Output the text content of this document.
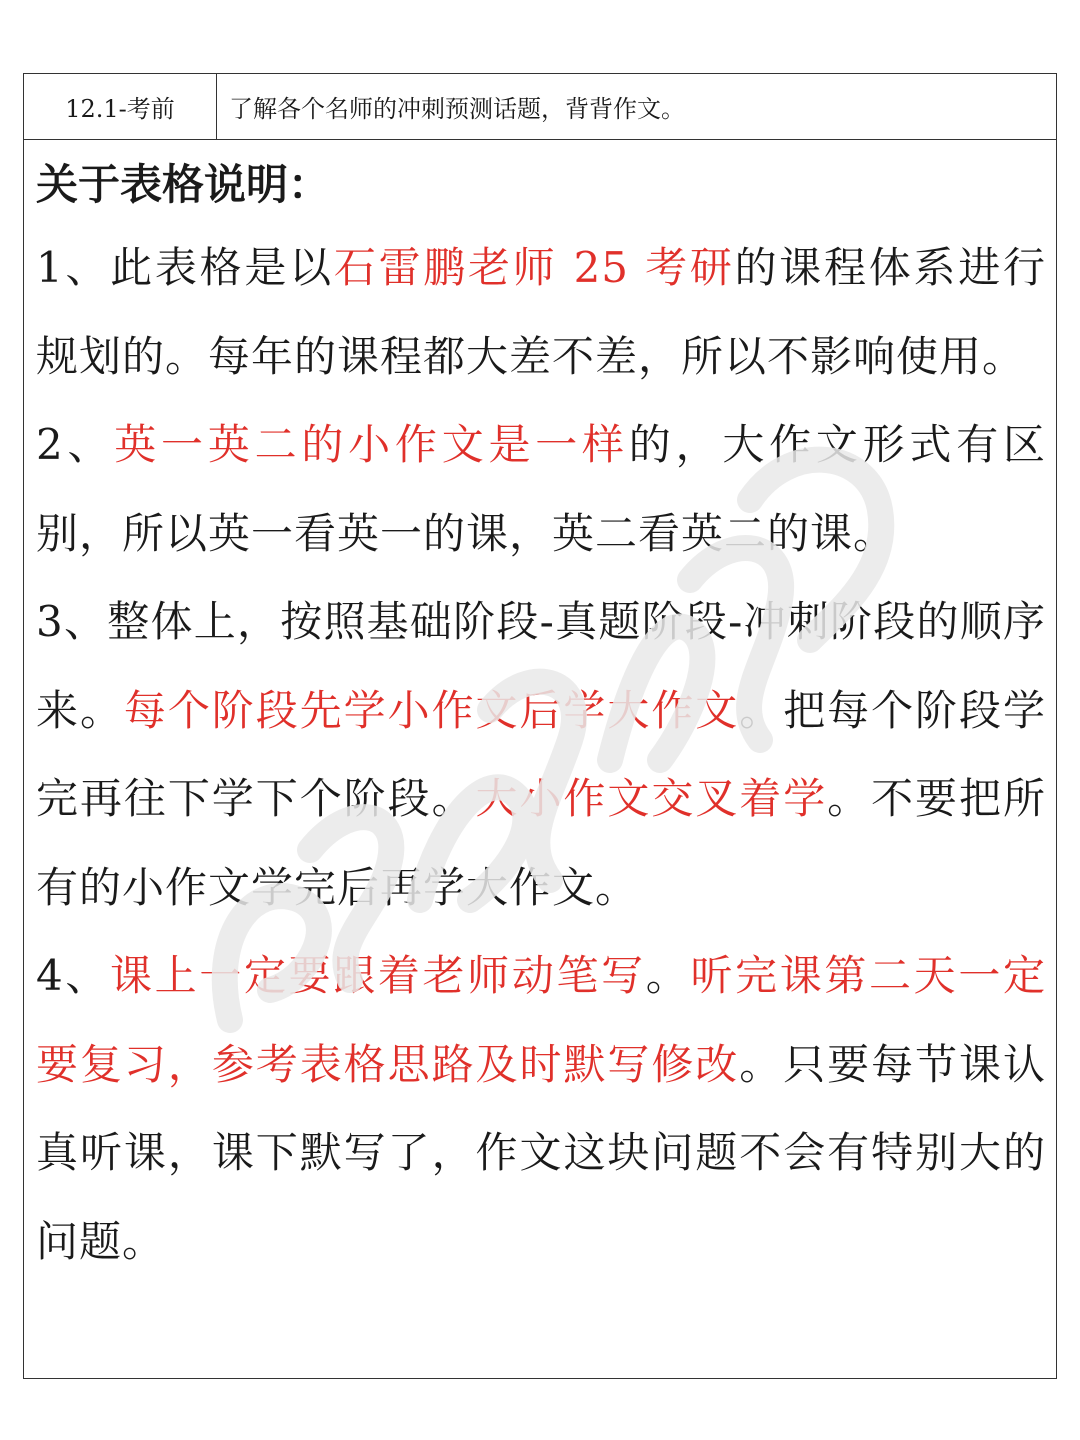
12.1-考前	了解各个名师的冲刺预测话题，背背作文。

关于表格说明：

1、此表格是以石雷鹏老师 25 考研的课程体系进行规划的。每年的课程都大差不差，所以不影响使用。

2、英一英二的小作文是一样的，大作文形式有区别，所以英一看英一的课，英二看英二的课。

3、整体上，按照基础阶段-真题阶段-冲刺阶段的顺序来。每个阶段先学小作文后学大作文。把每个阶段学完再往下学下个阶段。大小作文交叉着学。不要把所有的小作文学完后再学大作文。

4、课上一定要跟着老师动笔写。听完课第二天一定要复习，参考表格思路及时默写修改。只要每节课认真听课，课下默写了，作文这块问题不会有特别大的问题。
